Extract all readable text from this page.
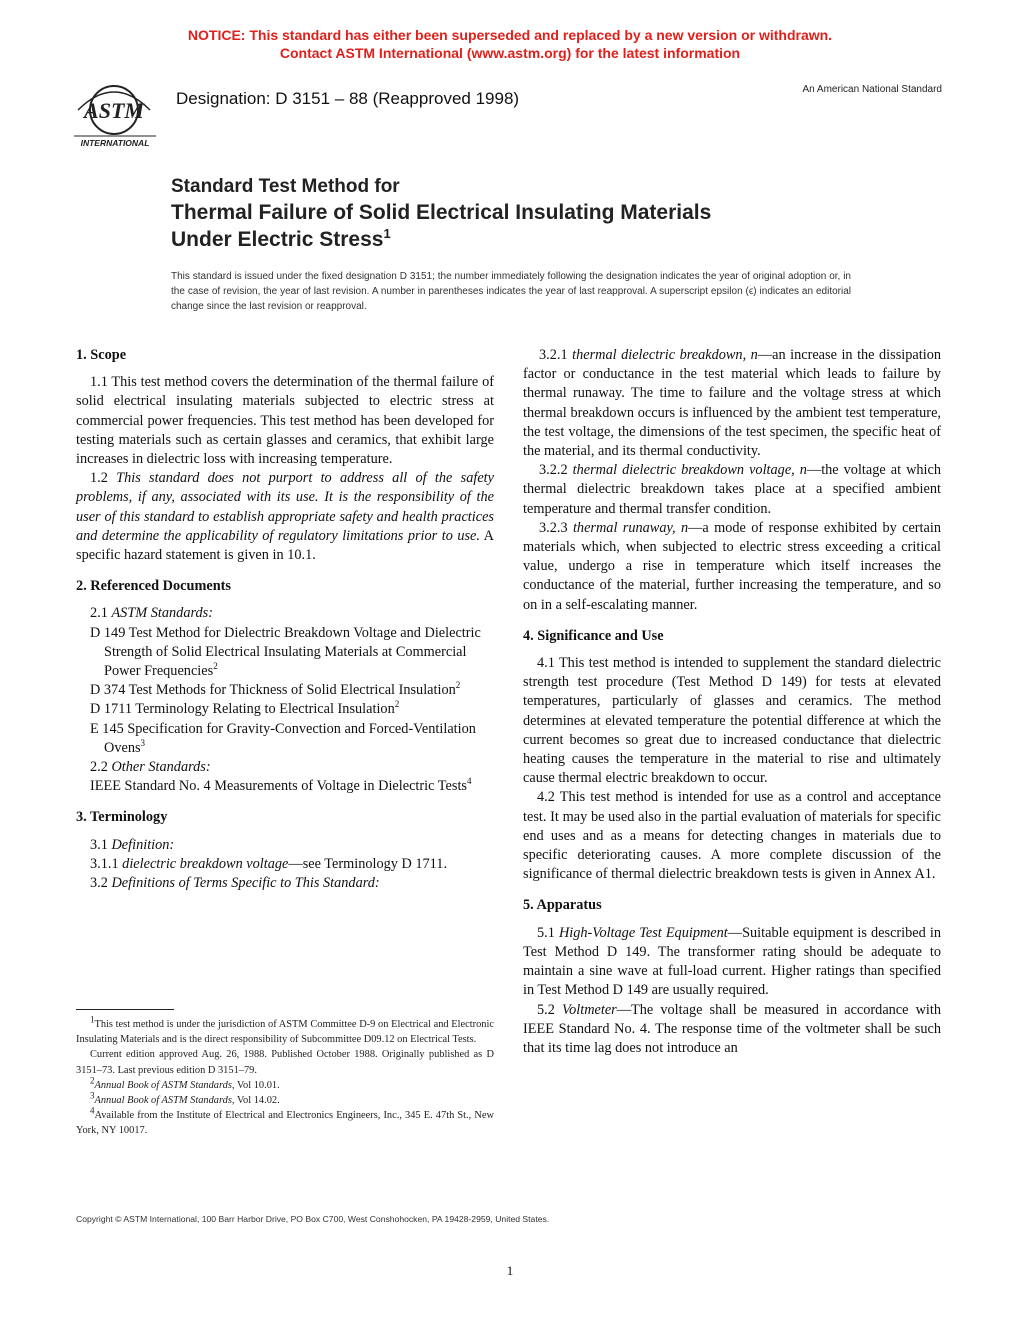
NOTICE: This standard has either been superseded and replaced by a new version or withdrawn.
Contact ASTM International (www.astm.org) for the latest information
ASTM
INTERNATIONAL
Designation: D 3151 – 88 (Reapproved 1998)	An American National Standard
Standard Test Method for
Thermal Failure of Solid Electrical Insulating Materials
Under Electric Stress$^1$
This standard is issued under the fixed designation D 3151; the number immediately following the designation indicates the year of original adoption or, in the case of revision, the year of last revision. A number in parentheses indicates the year of last reapproval. A superscript epsilon (ϵ) indicates an editorial change since the last revision or reapproval.

1. Scope

1.1 This test method covers the determination of the thermal failure of solid electrical insulating materials subjected to electric stress at commercial power frequencies. This test method has been developed for testing materials such as certain glasses and ceramics, that exhibit large increases in dielectric loss with increasing temperature.

1.2 This standard does not purport to address all of the safety problems, if any, associated with its use. It is the responsibility of the user of this standard to establish appropriate safety and health practices and determine the applicability of regulatory limitations prior to use. A specific hazard statement is given in 10.1.

2. Referenced Documents

2.1 ASTM Standards:

D 149 Test Method for Dielectric Breakdown Voltage and Dielectric Strength of Solid Electrical Insulating Materials at Commercial Power Frequencies$^2$

D 374 Test Methods for Thickness of Solid Electrical Insulation$^2$

D 1711 Terminology Relating to Electrical Insulation$^2$

E 145 Specification for Gravity-Convection and Forced-Ventilation Ovens$^3$

2.2 Other Standards:

IEEE Standard No. 4 Measurements of Voltage in Dielectric Tests$^4$

3. Terminology

3.1 Definition:

3.1.1 dielectric breakdown voltage—see Terminology D 1711.

3.2 Definitions of Terms Specific to This Standard:

3.2.1 thermal dielectric breakdown, n—an increase in the dissipation factor or conductance in the test material which leads to failure by thermal runaway. The time to failure and the voltage stress at which thermal breakdown occurs is influenced by the ambient test temperature, the test voltage, the dimensions of the test specimen, the specific heat of the material, and its thermal conductivity.

3.2.2 thermal dielectric breakdown voltage, n—the voltage at which thermal dielectric breakdown takes place at a specified ambient temperature and thermal transfer condition.

3.2.3 thermal runaway, n—a mode of response exhibited by certain materials which, when subjected to electric stress exceeding a critical value, undergo a rise in temperature which itself increases the conductance of the material, further increasing the temperature, and so on in a self-escalating manner.

4. Significance and Use

4.1 This test method is intended to supplement the standard dielectric strength test procedure (Test Method D 149) for tests at elevated temperatures, particularly of glasses and ceramics. The method determines at elevated temperature the potential difference at which the current becomes so great due to increased conductance that dielectric heating causes the temperature in the material to rise and ultimately cause thermal electric breakdown to occur.

4.2 This test method is intended for use as a control and acceptance test. It may be used also in the partial evaluation of materials for specific end uses and as a means for detecting changes in materials due to specific deteriorating causes. A more complete discussion of the significance of thermal dielectric breakdown tests is given in Annex A1.

5. Apparatus

5.1 High-Voltage Test Equipment—Suitable equipment is described in Test Method D 149. The transformer rating should be adequate to maintain a sine wave at full-load current. Higher ratings than specified in Test Method D 149 are usually required.

5.2 Voltmeter—The voltage shall be measured in accordance with IEEE Standard No. 4. The response time of the voltmeter shall be such that its time lag does not introduce an

$^1$This test method is under the jurisdiction of ASTM Committee D-9 on Electrical and Electronic Insulating Materials and is the direct responsibility of Subcommittee D09.12 on Electrical Tests.

Current edition approved Aug. 26, 1988. Published October 1988. Originally published as D 3151–73. Last previous edition D 3151–79.

$^2$Annual Book of ASTM Standards, Vol 10.01.

$^3$Annual Book of ASTM Standards, Vol 14.02.

$^4$Available from the Institute of Electrical and Electronics Engineers, Inc., 345 E. 47th St., New York, NY 10017.

Copyright © ASTM International, 100 Barr Harbor Drive, PO Box C700, West Conshohocken, PA 19428-2959, United States.
1
